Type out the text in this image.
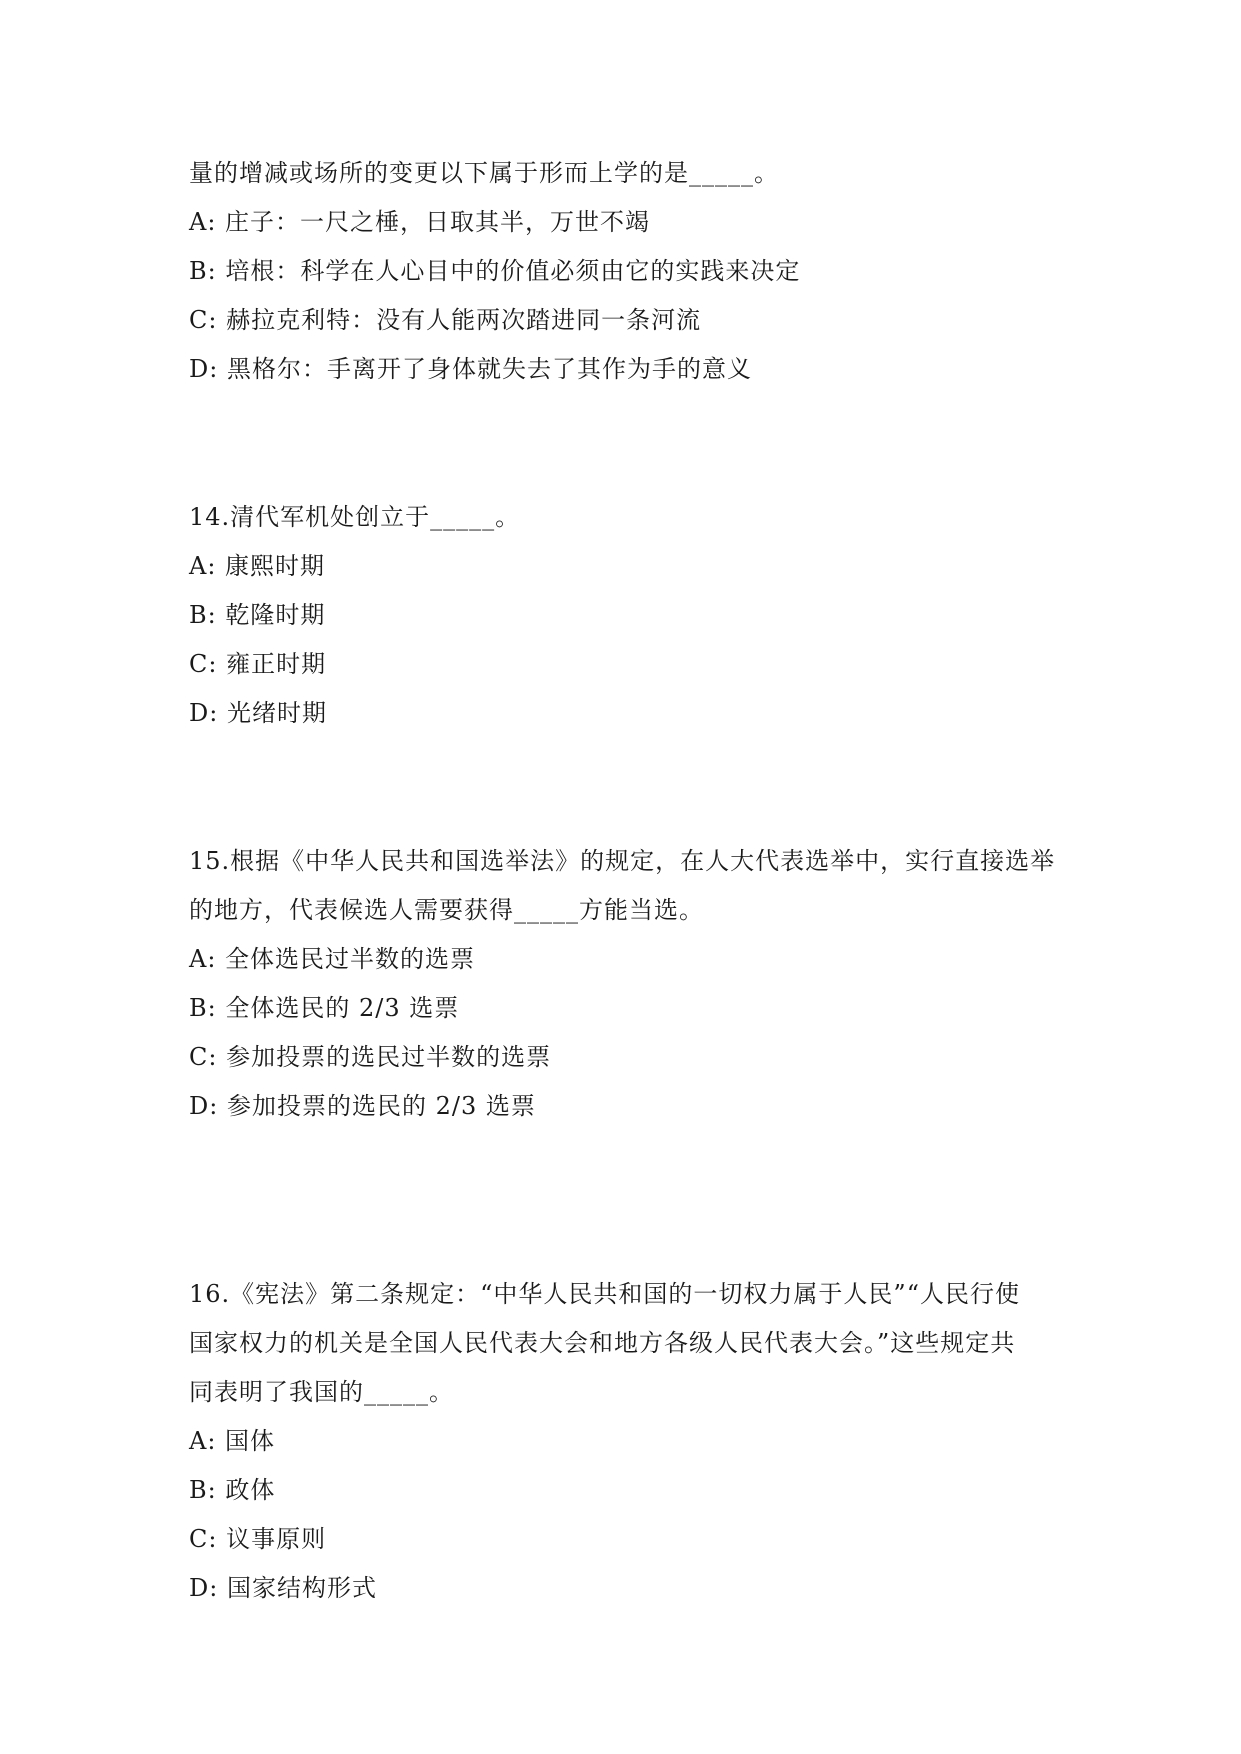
量的增减或场所的变更以下属于形而上学的是_____。
A: 庄子：一尺之棰，日取其半，万世不竭
B: 培根：科学在人心目中的价值必须由它的实践来决定
C: 赫拉克利特：没有人能两次踏进同一条河流
D: 黑格尔：手离开了身体就失去了其作为手的意义
14.清代军机处创立于_____。
A: 康熙时期
B: 乾隆时期
C: 雍正时期
D: 光绪时期
15.根据《中华人民共和国选举法》的规定，在人大代表选举中，实行直接选举
的地方，代表候选人需要获得_____方能当选。
A: 全体选民过半数的选票
B: 全体选民的 2/3 选票
C: 参加投票的选民过半数的选票
D: 参加投票的选民的 2/3 选票
16.《宪法》第二条规定：“中华人民共和国的一切权力属于人民”“人民行使
国家权力的机关是全国人民代表大会和地方各级人民代表大会。”这些规定共
同表明了我国的_____。
A: 国体
B: 政体
C: 议事原则
D: 国家结构形式
